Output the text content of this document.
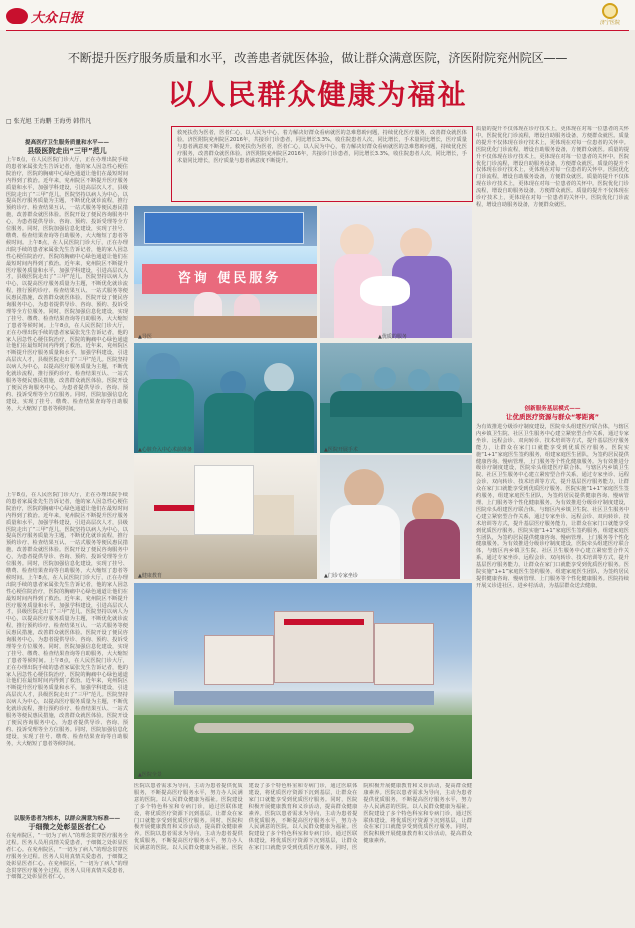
大众日报	济宁医院
不断提升医疗服务质量和水平，改善患者就医体验，做让群众满意医院，济医附院兖州院区——
以人民群众健康为福祉
□ 张光旭 王海鹏 王海勇 韩伟凡
提高医疗卫生服务质量和水平——
县级医院走出“三甲”范儿
上午8点，在人民医院门诊大厅，正在办理出院手续的患者家属张先生告诉记者，他的家人因急性心梗住院治疗，医院的胸痛中心绿色通道让他们在最短时间内得到了救治。近年来，兖州院区不断提升医疗服务质量和水平，加强学科建设，引进高层次人才，县级医院走出了“三甲”范儿。医院坚持以病人为中心，以提高医疗服务质量为主题，不断优化就诊流程，推行预约诊疗、检查结果互认、一站式服务等便民惠民措施，改善群众就医体验。医院开设了便民咨询服务中心，为患者提供导诊、咨询、预约、投诉受理等全方位服务。同时，医院加强信息化建设，实现了挂号、缴费、检查结果查询等自助服务，大大缩短了患者等候时间。上午8点，在人民医院门诊大厅，正在办理出院手续的患者家属张先生告诉记者，他的家人因急性心梗住院治疗，医院的胸痛中心绿色通道让他们在最短时间内得到了救治。近年来，兖州院区不断提升医疗服务质量和水平，加强学科建设，引进高层次人才，县级医院走出了“三甲”范儿。医院坚持以病人为中心，以提高医疗服务质量为主题，不断优化就诊流程，推行预约诊疗、检查结果互认、一站式服务等便民惠民措施，改善群众就医体验。医院开设了便民咨询服务中心，为患者提供导诊、咨询、预约、投诉受理等全方位服务。同时，医院加强信息化建设，实现了挂号、缴费、检查结果查询等自助服务，大大缩短了患者等候时间。上午8点，在人民医院门诊大厅，正在办理出院手续的患者家属张先生告诉记者，他的家人因急性心梗住院治疗，医院的胸痛中心绿色通道让他们在最短时间内得到了救治。近年来，兖州院区不断提升医疗服务质量和水平，加强学科建设，引进高层次人才，县级医院走出了“三甲”范儿。医院坚持以病人为中心，以提高医疗服务质量为主题，不断优化就诊流程，推行预约诊疗、检查结果互认、一站式服务等便民惠民措施，改善群众就医体验。医院开设了便民咨询服务中心，为患者提供导诊、咨询、预约、投诉受理等全方位服务。同时，医院加强信息化建设，实现了挂号、缴费、检查结果查询等自助服务，大大缩短了患者等候时间。
上午8点，在人民医院门诊大厅，正在办理出院手续的患者家属张先生告诉记者，他的家人因急性心梗住院治疗，医院的胸痛中心绿色通道让他们在最短时间内得到了救治。近年来，兖州院区不断提升医疗服务质量和水平，加强学科建设，引进高层次人才，县级医院走出了“三甲”范儿。医院坚持以病人为中心，以提高医疗服务质量为主题，不断优化就诊流程，推行预约诊疗、检查结果互认、一站式服务等便民惠民措施，改善群众就医体验。医院开设了便民咨询服务中心，为患者提供导诊、咨询、预约、投诉受理等全方位服务。同时，医院加强信息化建设，实现了挂号、缴费、检查结果查询等自助服务，大大缩短了患者等候时间。上午8点，在人民医院门诊大厅，正在办理出院手续的患者家属张先生告诉记者，他的家人因急性心梗住院治疗，医院的胸痛中心绿色通道让他们在最短时间内得到了救治。近年来，兖州院区不断提升医疗服务质量和水平，加强学科建设，引进高层次人才，县级医院走出了“三甲”范儿。医院坚持以病人为中心，以提高医疗服务质量为主题，不断优化就诊流程，推行预约诊疗、检查结果互认、一站式服务等便民惠民措施，改善群众就医体验。医院开设了便民咨询服务中心，为患者提供导诊、咨询、预约、投诉受理等全方位服务。同时，医院加强信息化建设，实现了挂号、缴费、检查结果查询等自助服务，大大缩短了患者等候时间。上午8点，在人民医院门诊大厅，正在办理出院手续的患者家属张先生告诉记者，他的家人因急性心梗住院治疗，医院的胸痛中心绿色通道让他们在最短时间内得到了救治。近年来，兖州院区不断提升医疗服务质量和水平，加强学科建设，引进高层次人才，县级医院走出了“三甲”范儿。医院坚持以病人为中心，以提高医疗服务质量为主题，不断优化就诊流程，推行预约诊疗、检查结果互认、一站式服务等便民惠民措施，改善群众就医体验。医院开设了便民咨询服务中心，为患者提供导诊、咨询、预约、投诉受理等全方位服务。同时，医院加强信息化建设，实现了挂号、缴费、检查结果查询等自助服务，大大缩短了患者等候时间。
以服务患者为根本，以群众满意为标准——
于细微之处彰显医者仁心
在兖州院区，“一切为了病人”的理念贯穿医疗服务全过程。医务人员用真情关爱患者，于细微之处彰显医者仁心。在兖州院区，“一切为了病人”的理念贯穿医疗服务全过程。医务人员用真情关爱患者，于细微之处彰显医者仁心。在兖州院区，“一切为了病人”的理念贯穿医疗服务全过程。医务人员用真情关爱患者，于细微之处彰显医者仁心。
救死扶伤为医者，医者仁心，以人民为中心，着力解决好群众看病就医的急难愁盼问题，持续优化医疗服务，改善群众就医体验。济医附院兖州院区2016年，共接诊门诊患者，同比增长3.3%，收住院患者人次，同比增长，手术量同比增长，医疗质量与患者满意度不断提升。救死扶伤为医者，医者仁心，以人民为中心，着力解决好群众看病就医的急难愁盼问题，持续优化医疗服务，改善群众就医体验。济医附院兖州院区2016年，共接诊门诊患者，同比增长3.3%，收住院患者人次，同比增长，手术量同比增长，医疗质量与患者满意度不断提升。
质量的提升不仅体现在诊疗技术上，更体现在对每一位患者的关怀中。医院优化门诊流程，增设自助服务设备，方便群众就医。质量的提升不仅体现在诊疗技术上，更体现在对每一位患者的关怀中。医院优化门诊流程，增设自助服务设备，方便群众就医。质量的提升不仅体现在诊疗技术上，更体现在对每一位患者的关怀中。医院优化门诊流程，增设自助服务设备，方便群众就医。质量的提升不仅体现在诊疗技术上，更体现在对每一位患者的关怀中。医院优化门诊流程，增设自助服务设备，方便群众就医。质量的提升不仅体现在诊疗技术上，更体现在对每一位患者的关怀中。医院优化门诊流程，增设自助服务设备，方便群众就医。质量的提升不仅体现在诊疗技术上，更体现在对每一位患者的关怀中。医院优化门诊流程，增设自助服务设备，方便群众就医。
创新服务基层模式——
让优质医疗资源与群众“零距离”
为有效推进分级诊疗制度建设，医院牵头组建医疗联合体，与辖区内乡镇卫生院、社区卫生服务中心建立紧密型合作关系，通过专家坐诊、远程会诊、双向转诊、技术培训等方式，提升基层医疗服务能力，让群众在家门口就能享受到优质医疗服务。医院实施“1+1”家庭医生签约服务，组建家庭医生团队，为签约居民提供健康咨询、慢病管理、上门服务等个性化健康服务。为有效推进分级诊疗制度建设，医院牵头组建医疗联合体，与辖区内乡镇卫生院、社区卫生服务中心建立紧密型合作关系，通过专家坐诊、远程会诊、双向转诊、技术培训等方式，提升基层医疗服务能力，让群众在家门口就能享受到优质医疗服务。医院实施“1+1”家庭医生签约服务，组建家庭医生团队，为签约居民提供健康咨询、慢病管理、上门服务等个性化健康服务。为有效推进分级诊疗制度建设，医院牵头组建医疗联合体，与辖区内乡镇卫生院、社区卫生服务中心建立紧密型合作关系，通过专家坐诊、远程会诊、双向转诊、技术培训等方式，提升基层医疗服务能力，让群众在家门口就能享受到优质医疗服务。医院实施“1+1”家庭医生签约服务，组建家庭医生团队，为签约居民提供健康咨询、慢病管理、上门服务等个性化健康服务。为有效推进分级诊疗制度建设，医院牵头组建医疗联合体，与辖区内乡镇卫生院、社区卫生服务中心建立紧密型合作关系，通过专家坐诊、远程会诊、双向转诊、技术培训等方式，提升基层医疗服务能力，让群众在家门口就能享受到优质医疗服务。医院实施“1+1”家庭医生签约服务，组建家庭医生团队，为签约居民提供健康咨询、慢病管理、上门服务等个性化健康服务。医院持续开展义诊进社区、进乡村活动，为基层群众送去健康。
咨询 便民服务
▲导医	▲优质的服务
▲心脏介入中心术前准备	▲医院开展手术
▲健康教育	▲门诊专家坐诊
▲医院全景
医院以患者需求为导向，主动为患者提供优质服务，不断提高医疗服务水平，努力办人民满意的医院。以人民群众健康为福祉。医院建设了多个特色科室和专病门诊，通过医联体建设，将优质医疗资源下沉到基层，让群众在家门口就能享受到优质医疗服务。同时，医院积极开展健康教育和义诊活动，提高群众健康素养。医院以患者需求为导向，主动为患者提供优质服务，不断提高医疗服务水平，努力办人民满意的医院。以人民群众健康为福祉。医院建设了多个特色科室和专病门诊，通过医联体建设，将优质医疗资源下沉到基层，让群众在家门口就能享受到优质医疗服务。同时，医院积极开展健康教育和义诊活动，提高群众健康素养。医院以患者需求为导向，主动为患者提供优质服务，不断提高医疗服务水平，努力办人民满意的医院。以人民群众健康为福祉。医院建设了多个特色科室和专病门诊，通过医联体建设，将优质医疗资源下沉到基层，让群众在家门口就能享受到优质医疗服务。同时，医院积极开展健康教育和义诊活动，提高群众健康素养。医院以患者需求为导向，主动为患者提供优质服务，不断提高医疗服务水平，努力办人民满意的医院。以人民群众健康为福祉。医院建设了多个特色科室和专病门诊，通过医联体建设，将优质医疗资源下沉到基层，让群众在家门口就能享受到优质医疗服务。同时，医院积极开展健康教育和义诊活动，提高群众健康素养。
